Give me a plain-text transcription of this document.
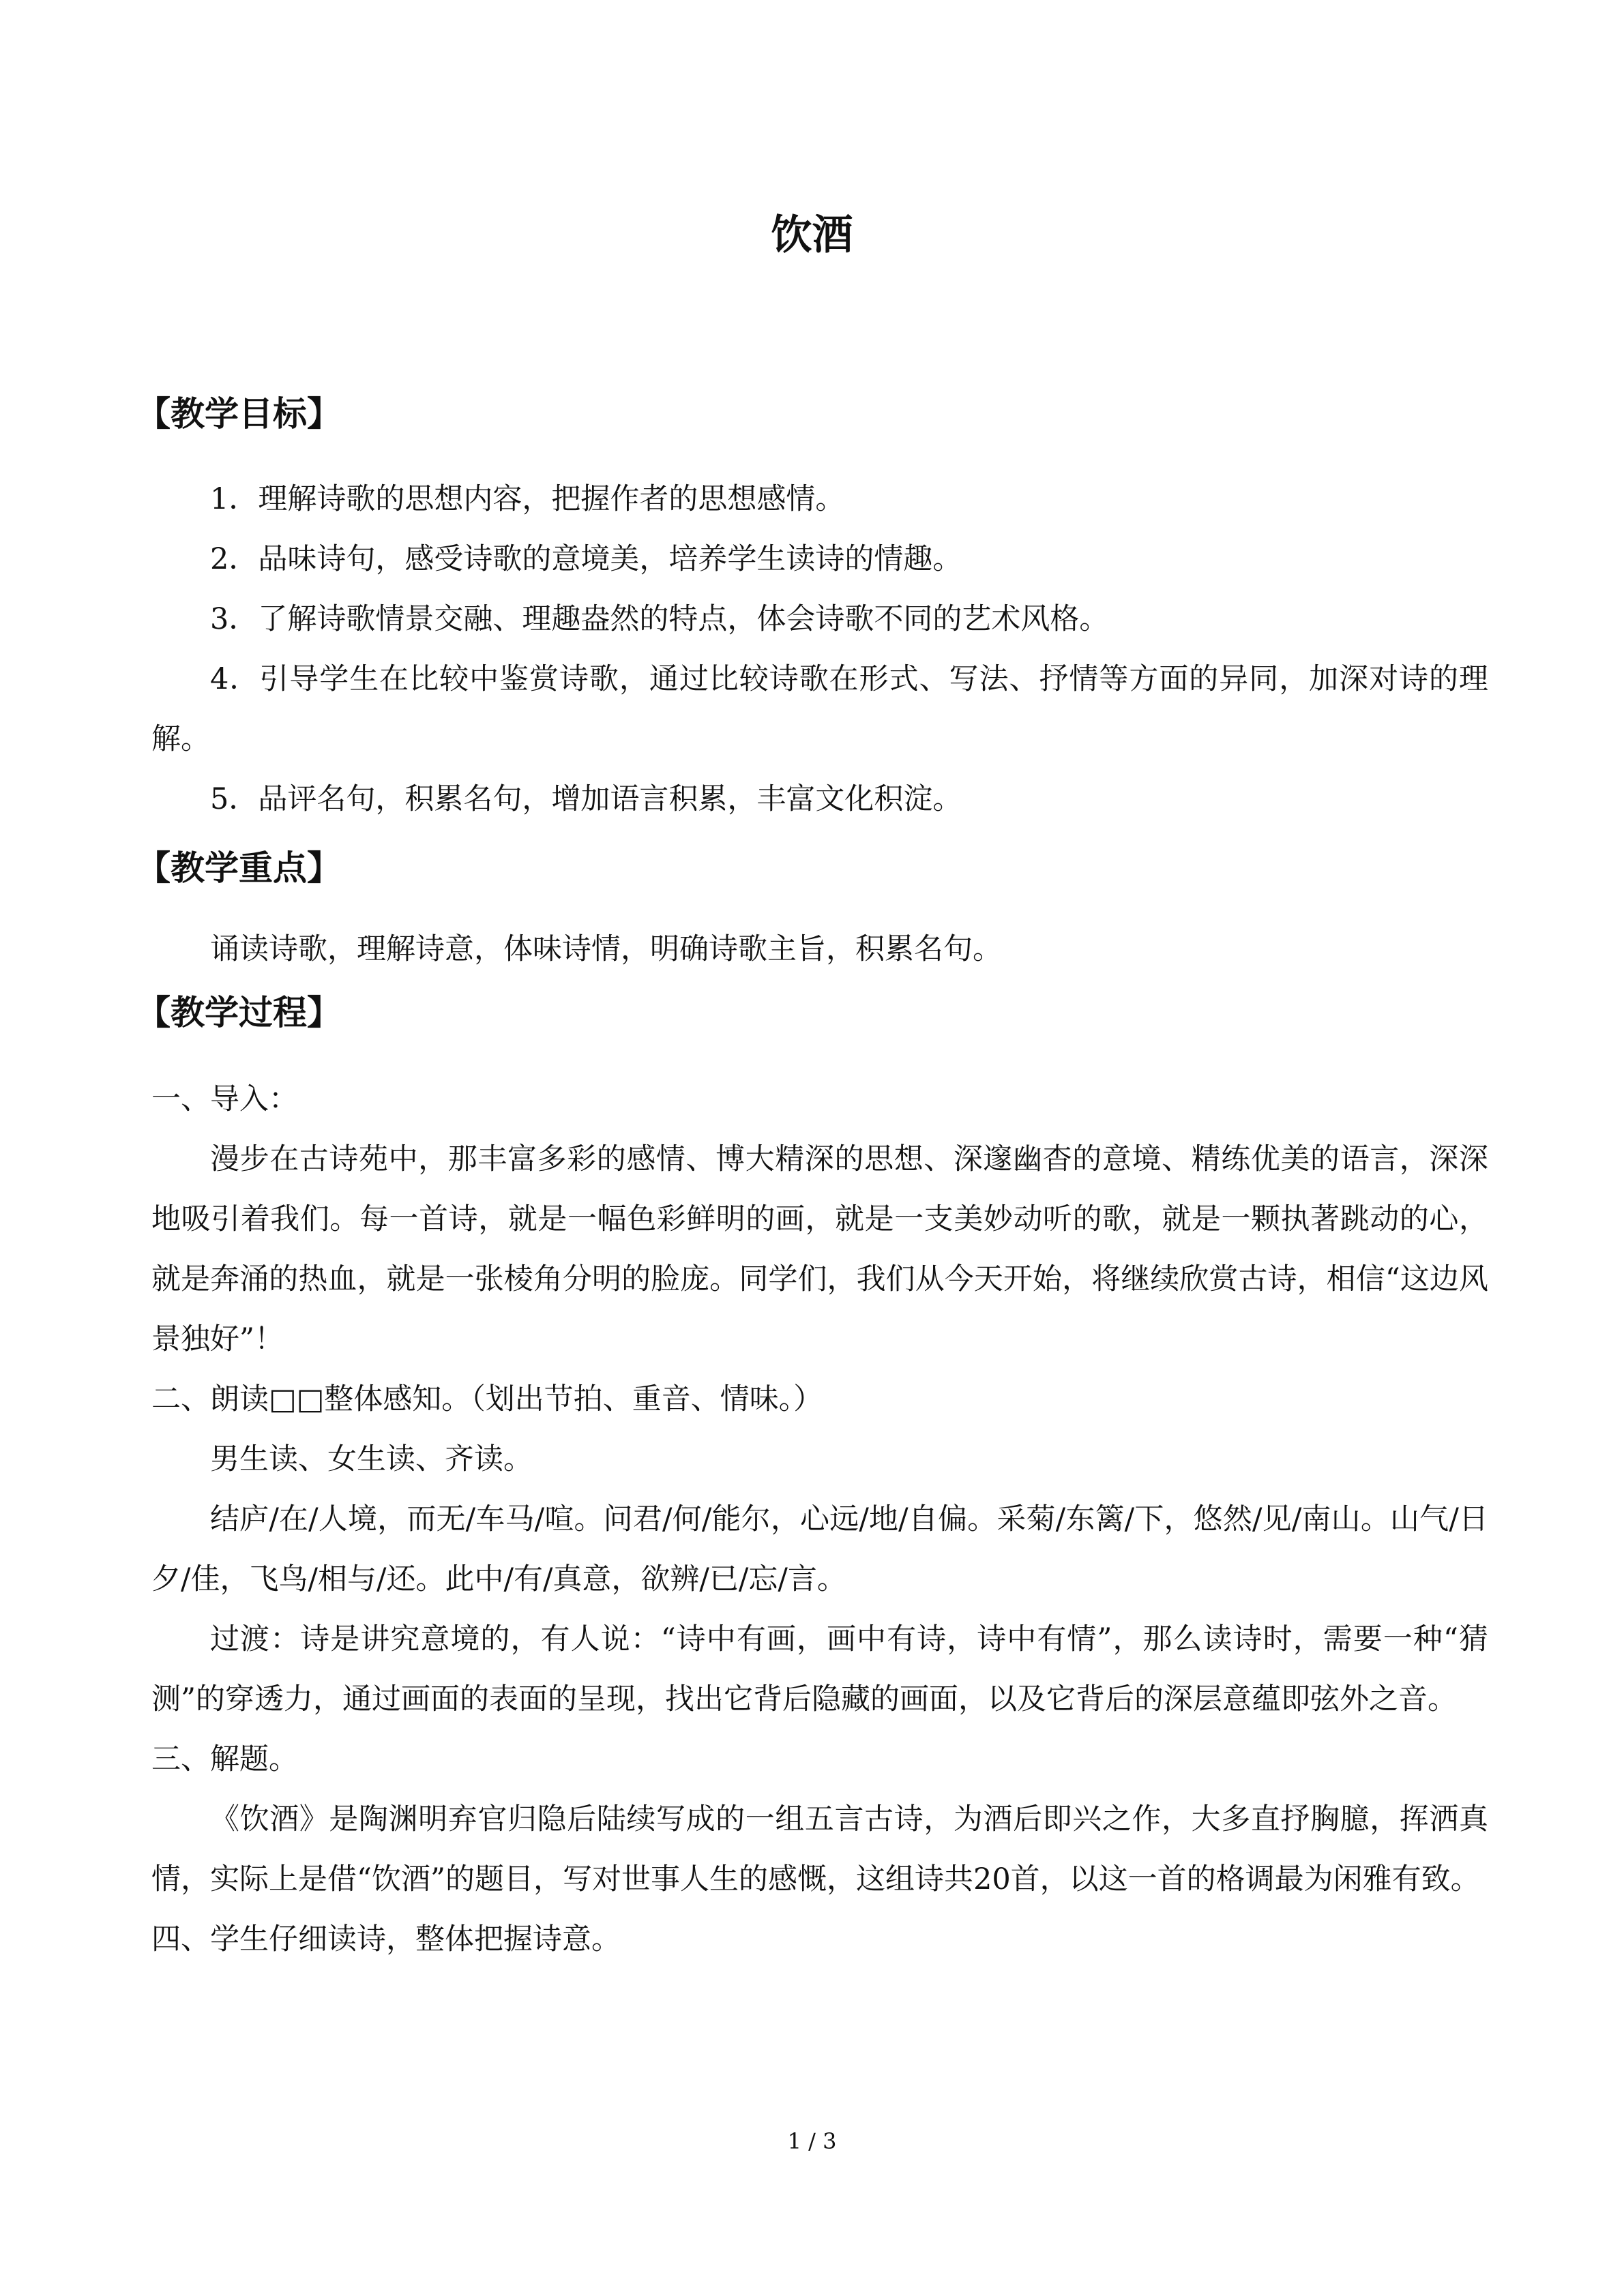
饮酒
【教学目标】

1．理解诗歌的思想内容，把握作者的思想感情。

2．品味诗句，感受诗歌的意境美，培养学生读诗的情趣。

3．了解诗歌情景交融、理趣盎然的特点，体会诗歌不同的艺术风格。

4．引导学生在比较中鉴赏诗歌，通过比较诗歌在形式、写法、抒情等方面的异同，加深对诗的理解。

5．品评名句，积累名句，增加语言积累，丰富文化积淀。

【教学重点】

诵读诗歌，理解诗意，体味诗情，明确诗歌主旨，积累名句。

【教学过程】

一、导入：

漫步在古诗苑中，那丰富多彩的感情、博大精深的思想、深邃幽杳的意境、精练优美的语言，深深地吸引着我们。每一首诗，就是一幅色彩鲜明的画，就是一支美妙动听的歌，就是一颗执著跳动的心，就是奔涌的热血，就是一张棱角分明的脸庞。同学们，我们从今天开始，将继续欣赏古诗，相信“这边风景独好”！

二、朗读□□整体感知。（划出节拍、重音、情味。）

男生读、女生读、齐读。

结庐/在/人境，而无/车马/喧。问君/何/能尔，心远/地/自偏。采菊/东篱/下，悠然/见/南山。山气/日夕/佳，飞鸟/相与/还。此中/有/真意，欲辨/已/忘/言。

过渡：诗是讲究意境的，有人说：“诗中有画，画中有诗，诗中有情”，那么读诗时，需要一种“猜测”的穿透力，通过画面的表面的呈现，找出它背后隐藏的画面，以及它背后的深层意蕴即弦外之音。

三、解题。

《饮酒》是陶渊明弃官归隐后陆续写成的一组五言古诗，为酒后即兴之作，大多直抒胸臆，挥洒真情，实际上是借“饮酒”的题目，写对世事人生的感慨，这组诗共20首，以这一首的格调最为闲雅有致。

四、学生仔细读诗，整体把握诗意。

1 / 3
